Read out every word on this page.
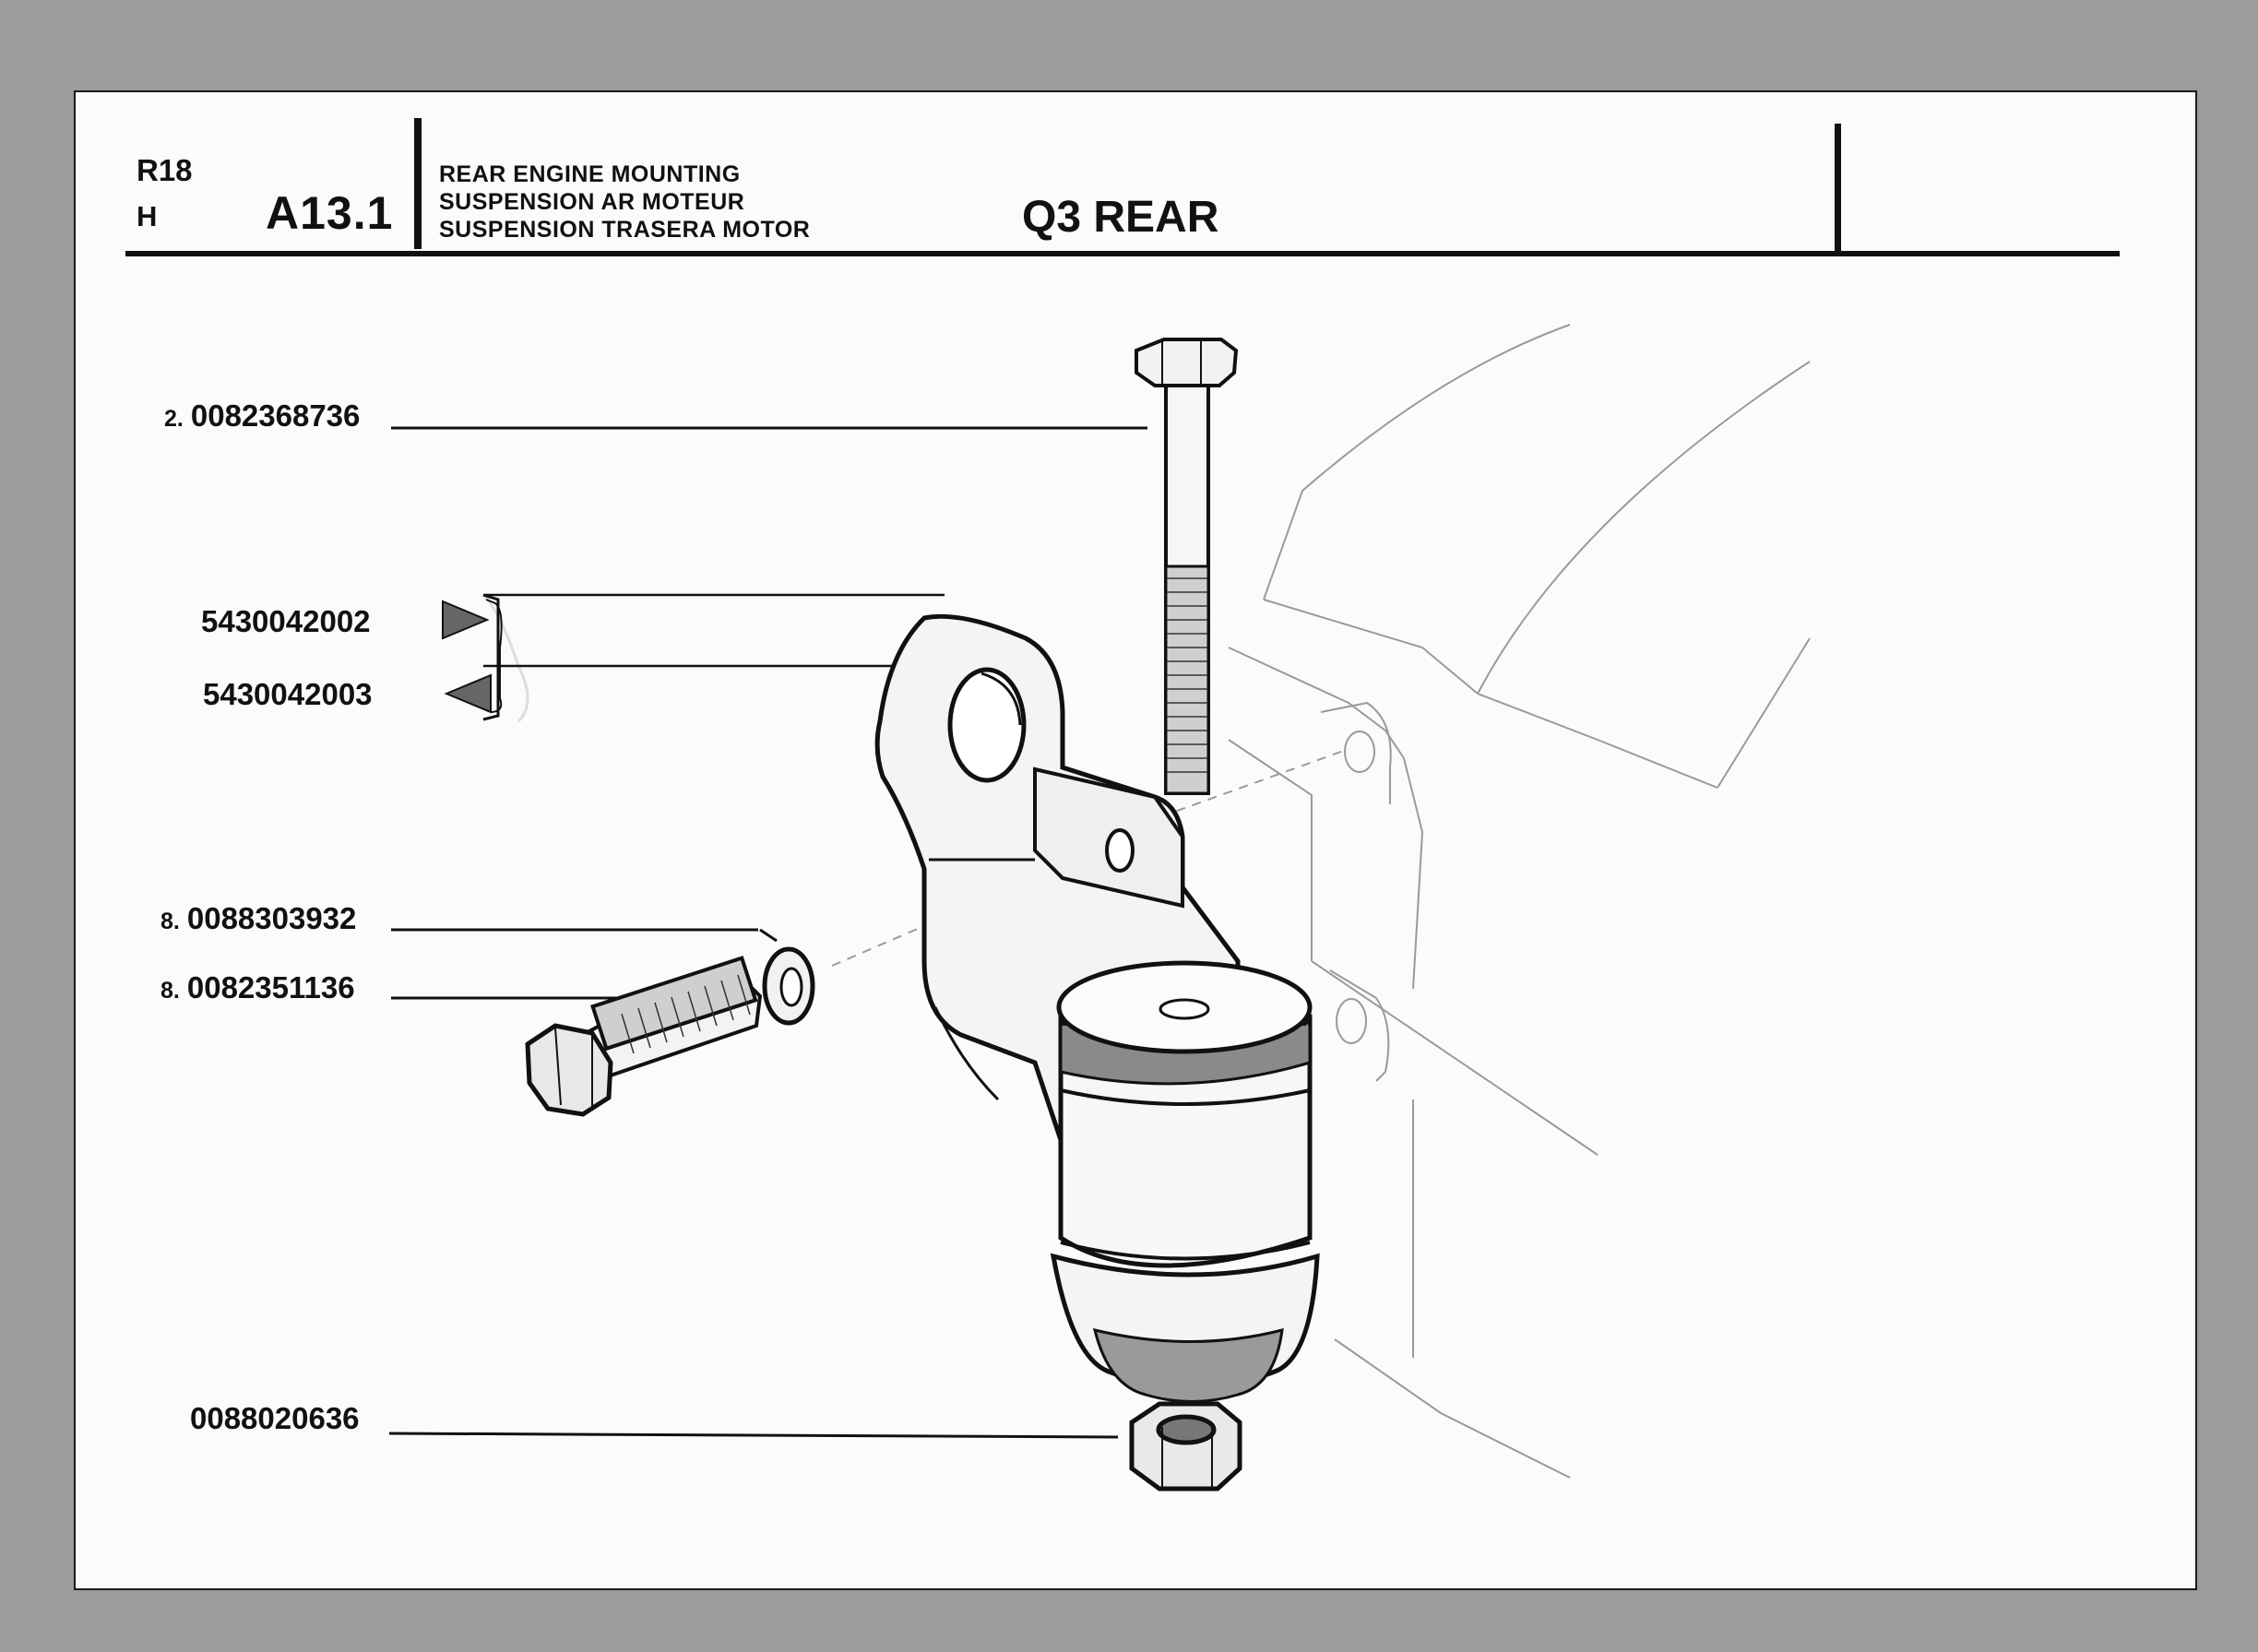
R18
H A13.1
REAR ENGINE MOUNTING
SUSPENSION AR MOTEUR
SUSPENSION TRASERA MOTOR	Q3 REAR
2. 0082368736
5430042002
5430042003
8. 0088303932
8. 0082351136
0088020636
